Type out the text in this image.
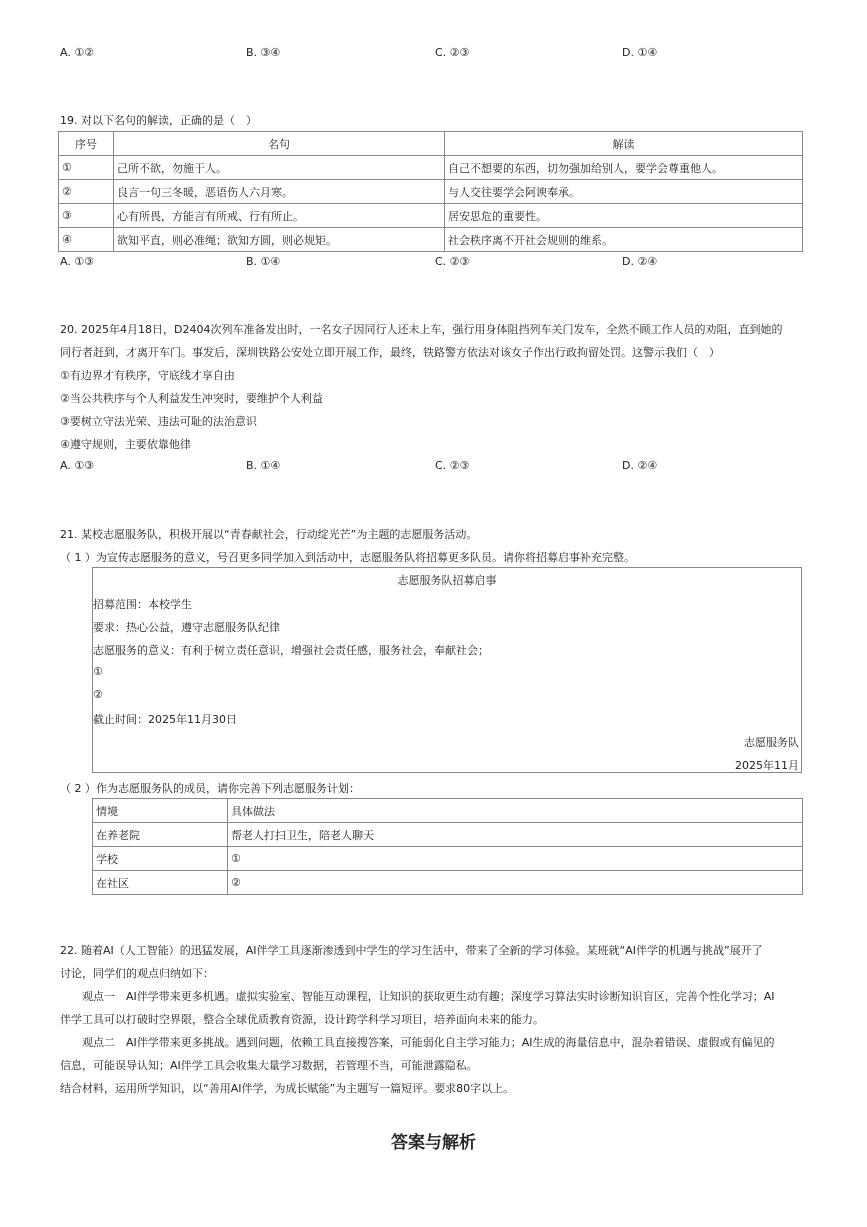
A. ①②	B. ③④	C. ②③	D. ①④
19. 对以下名句的解读，正确的是（　）
序号	名句	解读
①	己所不欲，勿施于人。	自己不想要的东西，切勿强加给别人，要学会尊重他人。
②	良言一句三冬暖，恶语伤人六月寒。	与人交往要学会阿谀奉承。
③	心有所畏，方能言有所戒、行有所止。	居安思危的重要性。
④	欲知平直，则必准绳；欲知方圆，则必规矩。	社会秩序离不开社会规则的维系。
A. ①③	B. ①④	C. ②③	D. ②④
20. 2025年4月18日，D2404次列车准备发出时，一名女子因同行人还未上车，强行用身体阻挡列车关门发车，全然不顾工作人员的劝阻，直到她的
同行者赶到，才离开车门。事发后，深圳铁路公安处立即开展工作，最终，铁路警方依法对该女子作出行政拘留处罚。这警示我们（　）
①有边界才有秩序，守底线才享自由
②当公共秩序与个人利益发生冲突时，要维护个人利益
③要树立守法光荣、违法可耻的法治意识
④遵守规则，主要依靠他律
A. ①③	B. ①④	C. ②③	D. ②④
21. 某校志愿服务队，积极开展以“青春献社会，行动绽光芒”为主题的志愿服务活动。
（ 1 ）为宣传志愿服务的意义，号召更多同学加入到活动中，志愿服务队将招募更多队员。请你将招募启事补充完整。
志愿服务队招募启事
招募范围：本校学生
要求：热心公益，遵守志愿服务队纪律
志愿服务的意义：有利于树立责任意识，增强社会责任感，服务社会，奉献社会；
①
②
截止时间：2025年11月30日
志愿服务队
2025年11月
（ 2 ）作为志愿服务队的成员，请你完善下列志愿服务计划：
情境	具体做法
在养老院	帮老人打扫卫生，陪老人聊天
学校	①
在社区	②
22. 随着AI（人工智能）的迅猛发展，AI伴学工具逐渐渗透到中学生的学习生活中，带来了全新的学习体验。某班就“AI伴学的机遇与挑战”展开了
讨论，同学们的观点归纳如下：
观点一　AI伴学带来更多机遇。虚拟实验室、智能互动课程，让知识的获取更生动有趣；深度学习算法实时诊断知识盲区，完善个性化学习；AI
伴学工具可以打破时空界限，整合全球优质教育资源，设计跨学科学习项目，培养面向未来的能力。
观点二　AI伴学带来更多挑战。遇到问题，依赖工具直接搜答案，可能弱化自主学习能力；AI生成的海量信息中，混杂着错误、虚假或有偏见的
信息，可能误导认知；AI伴学工具会收集大量学习数据，若管理不当，可能泄露隐私。
结合材料，运用所学知识，以“善用AI伴学，为成长赋能”为主题写一篇短评。要求80字以上。
答案与解析
